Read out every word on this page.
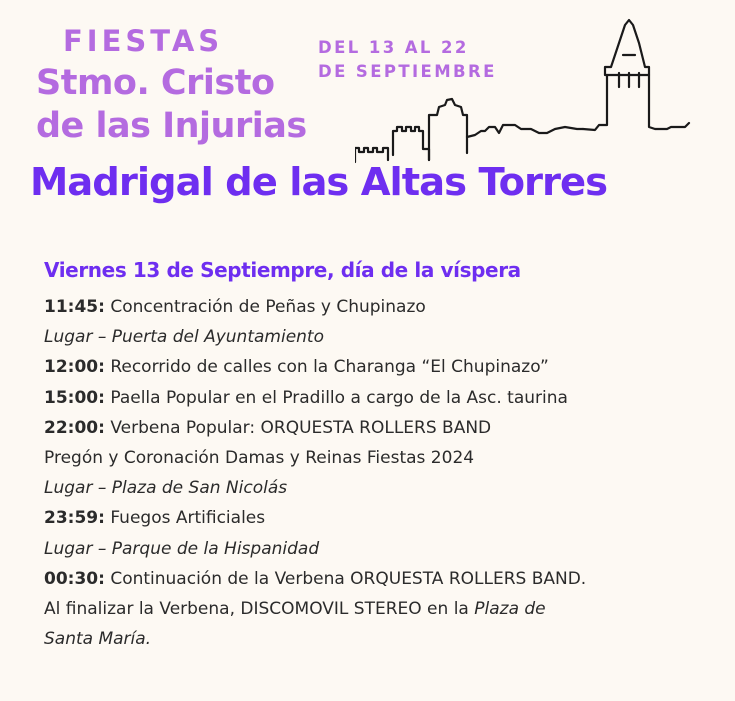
FIESTAS	DEL 13 AL 22
DE SEPTIEMBRE
Stmo. Cristo
de las Injurias
Madrigal de las Altas Torres
Viernes 13 de Septiempre, día de la víspera
11:45: Concentración de Peñas y Chupinazo
Lugar – Puerta del Ayuntamiento
12:00: Recorrido de calles con la Charanga “El Chupinazo”
15:00: Paella Popular en el Pradillo a cargo de la Asc. taurina
22:00: Verbena Popular: ORQUESTA ROLLERS BAND
Pregón y Coronación Damas y Reinas Fiestas 2024
Lugar – Plaza de San Nicolás
23:59: Fuegos Artificiales
Lugar – Parque de la Hispanidad
00:30: Continuación de la Verbena ORQUESTA ROLLERS BAND.
Al finalizar la Verbena, DISCOMOVIL STEREO en la Plaza de
Santa María.
